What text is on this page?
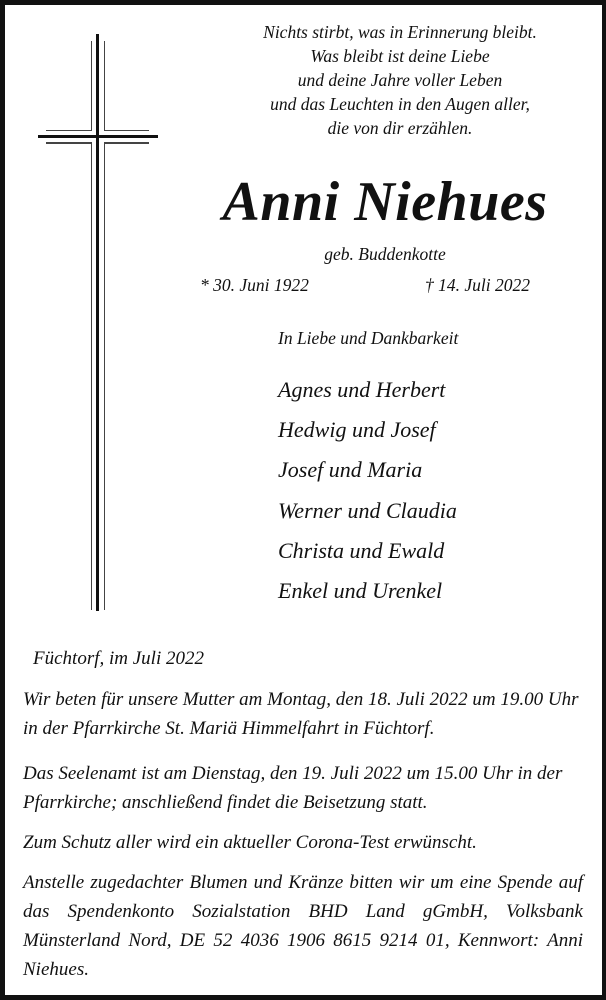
Nichts stirbt, was in Erinnerung bleibt.
Was bleibt ist deine Liebe
und deine Jahre voller Leben
und das Leuchten in den Augen aller,
die von dir erzählen.
Anni Niehues
geb. Buddenkotte
* 30. Juni 1922	† 14. Juli 2022
In Liebe und Dankbarkeit
Agnes und Herbert
Hedwig und Josef
Josef und Maria
Werner und Claudia
Christa und Ewald
Enkel und Urenkel
Füchtorf, im Juli 2022
Wir beten für unsere Mutter am Montag, den 18. Juli 2022 um 19.00 Uhr in der Pfarrkirche St. Mariä Himmelfahrt in Füchtorf.
Das Seelenamt ist am Dienstag, den 19. Juli 2022 um 15.00 Uhr in der Pfarrkirche; anschließend findet die Beisetzung statt.
Zum Schutz aller wird ein aktueller Corona-Test erwünscht.
Anstelle zugedachter Blumen und Kränze bitten wir um eine Spende auf das Spendenkonto Sozialstation BHD Land gGmbH, Volksbank Münsterland Nord, DE 52 4036 1906 8615 9214 01, Kennwort: Anni Niehues.
